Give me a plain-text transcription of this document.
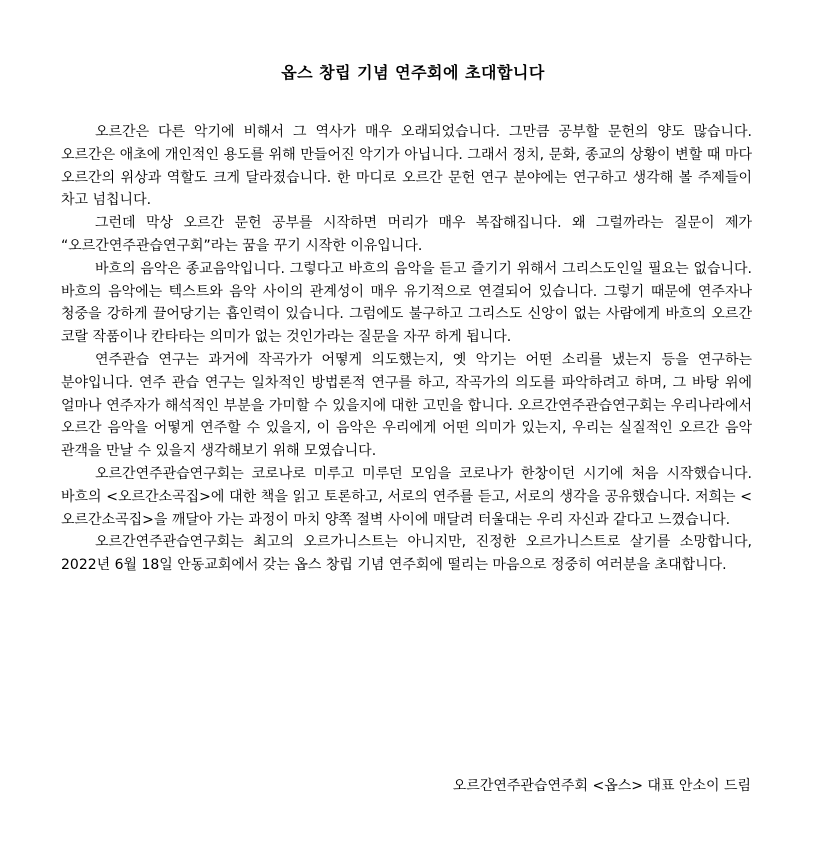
옵스 창립 기념 연주회에 초대합니다

오르간은 다른 악기에 비해서 그 역사가 매우 오래되었습니다. 그만큼 공부할 문헌의 양도 많습니다. 오르간은 애초에 개인적인 용도를 위해 만들어진 악기가 아닙니다. 그래서 정치, 문화, 종교의 상황이 변할 때 마다 오르간의 위상과 역할도 크게 달라졌습니다. 한 마디로 오르간 문헌 연구 분야에는 연구하고 생각해 볼 주제들이 차고 넘칩니다.

그런데 막상 오르간 문헌 공부를 시작하면 머리가 매우 복잡해집니다. 왜 그럴까라는 질문이 제가 “오르간연주관습연구회”라는 꿈을 꾸기 시작한 이유입니다.

바흐의 음악은 종교음악입니다. 그렇다고 바흐의 음악을 듣고 즐기기 위해서 그리스도인일 필요는 없습니다. 바흐의 음악에는 텍스트와 음악 사이의 관계성이 매우 유기적으로 연결되어 있습니다. 그렇기 때문에 연주자나 청중을 강하게 끌어당기는 흡인력이 있습니다. 그럼에도 불구하고 그리스도 신앙이 없는 사람에게 바흐의 오르간 코랄 작품이나 칸타타는 의미가 없는 것인가라는 질문을 자꾸 하게 됩니다.

연주관습 연구는 과거에 작곡가가 어떻게 의도했는지, 옛 악기는 어떤 소리를 냈는지 등을 연구하는 분야입니다. 연주 관습 연구는 일차적인 방법론적 연구를 하고, 작곡가의 의도를 파악하려고 하며, 그 바탕 위에 얼마나 연주자가 해석적인 부분을 가미할 수 있을지에 대한 고민을 합니다. 오르간연주관습연구회는 우리나라에서 오르간 음악을 어떻게 연주할 수 있을지, 이 음악은 우리에게 어떤 의미가 있는지, 우리는 실질적인 오르간 음악 관객을 만날 수 있을지 생각해보기 위해 모였습니다.

오르간연주관습연구회는 코로나로 미루고 미루던 모임을 코로나가 한창이던 시기에 처음 시작했습니다. 바흐의 <오르간소곡집>에 대한 책을 읽고 토론하고, 서로의 연주를 듣고, 서로의 생각을 공유했습니다. 저희는 <오르간소곡집>을 깨달아 가는 과정이 마치 양쪽 절벽 사이에 매달려 터울대는 우리 자신과 같다고 느꼈습니다.

오르간연주관습연구회는 최고의 오르가니스트는 아니지만, 진정한 오르가니스트로 살기를 소망합니다, 2022년 6월 18일 안동교회에서 갖는 옵스 창립 기념 연주회에 떨리는 마음으로 정중히 여러분을 초대합니다.

오르간연주관습연주회 <옵스> 대표 안소이 드림
